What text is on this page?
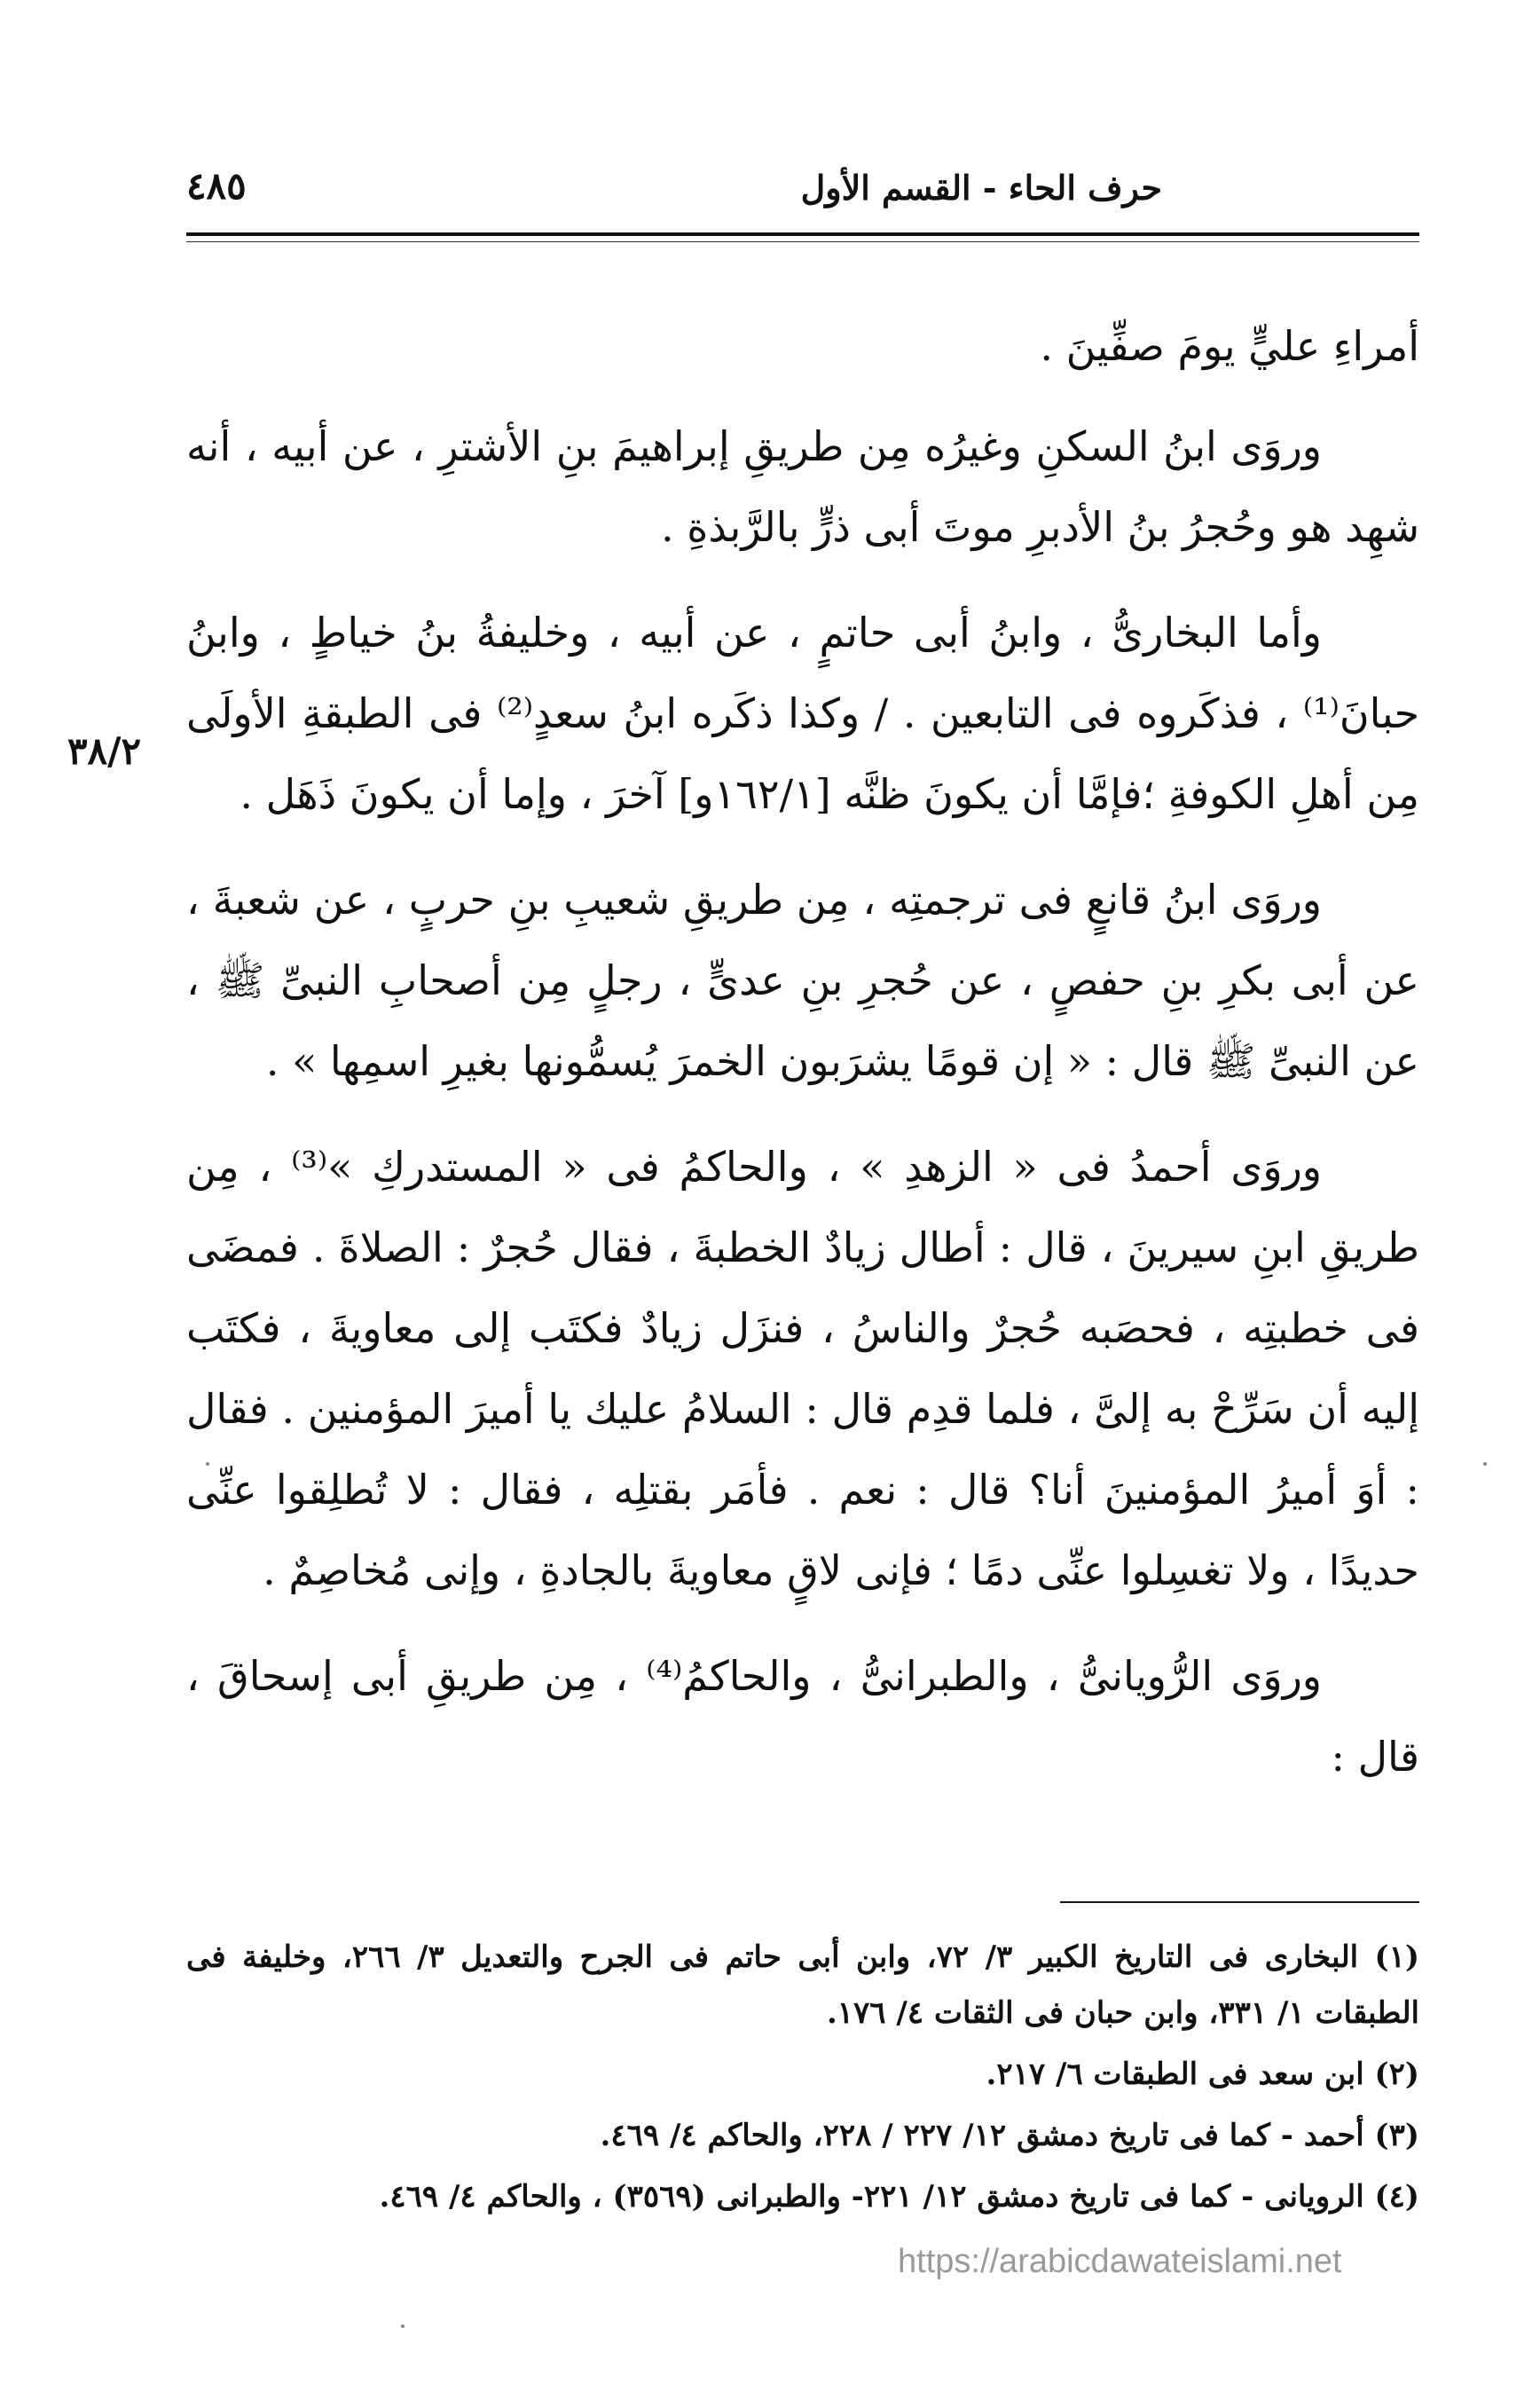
٤٨٥	حرف الحاء - القسم الأول
٣٨/٢

أمراءِ عليٍّ يومَ صفِّينَ .

وروَى ابنُ السكنِ وغيرُه مِن طريقِ إبراهيمَ بنِ الأشترِ ، عن أبيه ، أنه شهِد هو وحُجرُ بنُ الأدبرِ موتَ أبى ذرٍّ بالرَّبذةِ .

وأما البخارىُّ ، وابنُ أبى حاتمٍ ، عن أبيه ، وخليفةُ بنُ خياطٍ ، وابنُ حبانَ⁽¹⁾ ، فذكَروه فى التابعين . / وكذا ذكَره ابنُ سعدٍ⁽²⁾ فى الطبقةِ الأولَى مِن أهلِ الكوفةِ ؛فإمَّا أن يكونَ ظنَّه [١٦٢/١و] آخرَ ، وإما أن يكونَ ذَهَل .

وروَى ابنُ قانعٍ فى ترجمتِه ، مِن طريقِ شعيبِ بنِ حربٍ ، عن شعبةَ ، عن أبى بكرِ بنِ حفصٍ ، عن حُجرِ بنِ عدىٍّ ، رجلٍ مِن أصحابِ النبىِّ ﷺ ، عن النبىِّ ﷺ قال : « إن قومًا يشرَبون الخمرَ يُسمُّونها بغيرِ اسمِها » .

وروَى أحمدُ فى « الزهدِ » ، والحاكمُ فى « المستدركِ »⁽³⁾ ، مِن طريقِ ابنِ سيرينَ ، قال : أطال زيادٌ الخطبةَ ، فقال حُجرٌ : الصلاةَ . فمضَى فى خطبتِه ، فحصَبه حُجرٌ والناسُ ، فنزَل زيادٌ فكتَب إلى معاويةَ ، فكتَب إليه أن سَرِّحْ به إلىَّ ، فلما قدِم قال : السلامُ عليك يا أميرَ المؤمنين . فقال : أوَ أميرُ المؤمنينَ أنا؟ قال : نعم . فأمَر بقتلِه ، فقال : لا تُطلِقوا عنِّى حديدًا ، ولا تغسِلوا عنِّى دمًا ؛ فإنى لاقٍ معاويةَ بالجادةِ ، وإنى مُخاصِمٌ .

وروَى الرُّويانىُّ ، والطبرانىُّ ، والحاكمُ⁽⁴⁾ ، مِن طريقِ أبى إسحاقَ ، قال :

(١) البخارى فى التاريخ الكبير ٣/ ٧٢، وابن أبى حاتم فى الجرح والتعديل ٣/ ٢٦٦، وخليفة فى الطبقات ١/ ٣٣١، وابن حبان فى الثقات ٤/ ١٧٦.

(٢) ابن سعد فى الطبقات ٦/ ٢١٧.

(٣) أحمد - كما فى تاريخ دمشق ١٢/ ٢٢٧ / ٢٢٨، والحاكم ٤/ ٤٦٩.

(٤) الرويانى - كما فى تاريخ دمشق ١٢/ ٢٢١- والطبرانى (٣٥٦٩) ، والحاكم ٤/ ٤٦٩.

https://arabicdawateislami.net
